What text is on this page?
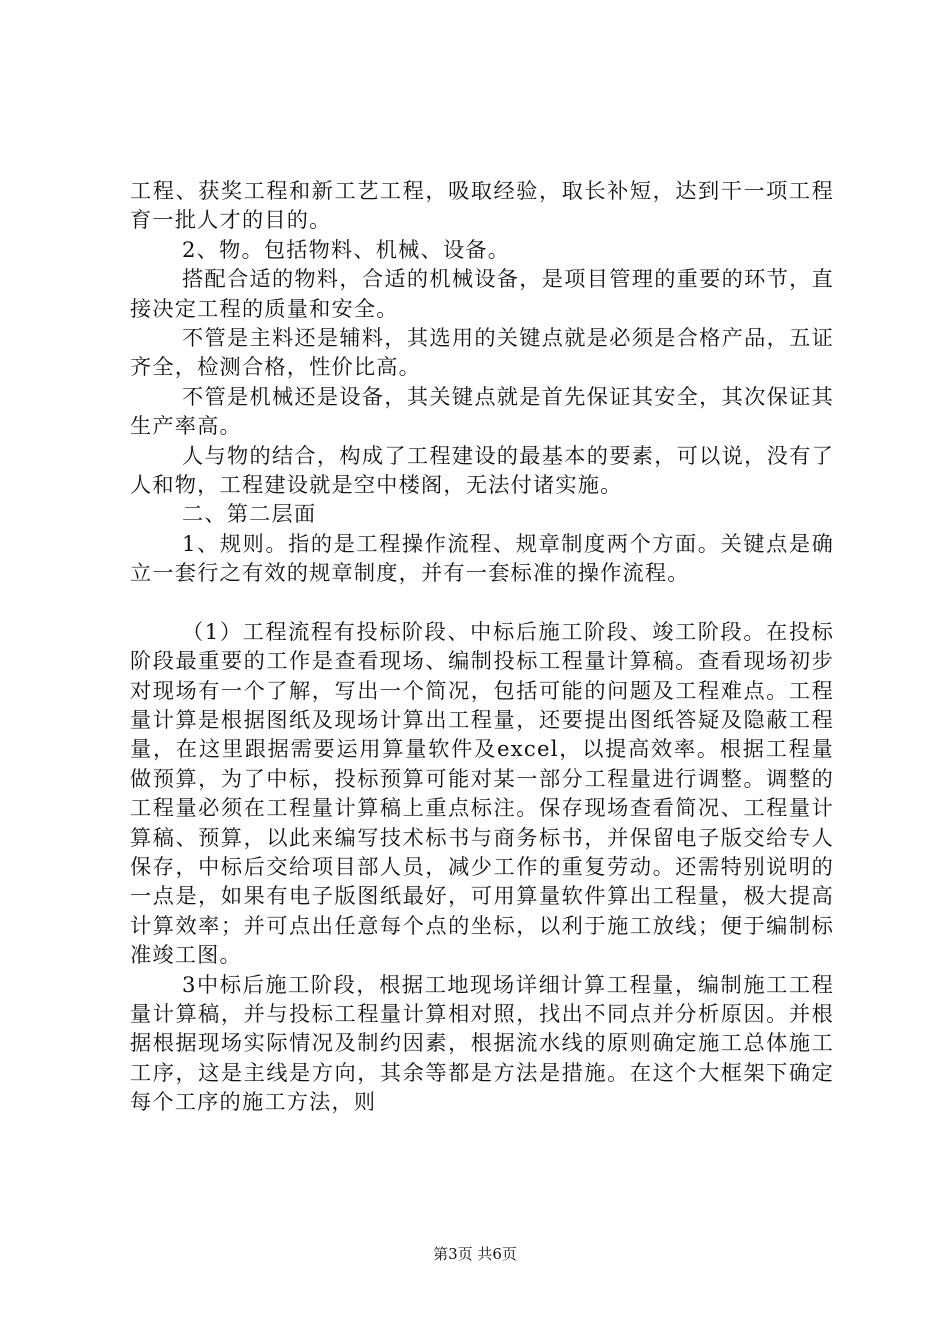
工程、获奖工程和新工艺工程，吸取经验，取长补短，达到干一项工程育一批人才的目的。

2、物。包括物料、机械、设备。

搭配合适的物料，合适的机械设备，是项目管理的重要的环节，直接决定工程的质量和安全。

不管是主料还是辅料，其选用的关键点就是必须是合格产品，五证齐全，检测合格，性价比高。

不管是机械还是设备，其关键点就是首先保证其安全，其次保证其生产率高。

人与物的结合，构成了工程建设的最基本的要素，可以说，没有了人和物，工程建设就是空中楼阁，无法付诸实施。

二、第二层面

1、规则。指的是工程操作流程、规章制度两个方面。关键点是确立一套行之有效的规章制度，并有一套标准的操作流程。

（1）工程流程有投标阶段、中标后施工阶段、竣工阶段。在投标阶段最重要的工作是查看现场、编制投标工程量计算稿。查看现场初步对现场有一个了解，写出一个简况，包括可能的问题及工程难点。工程量计算是根据图纸及现场计算出工程量，还要提出图纸答疑及隐蔽工程量，在这里跟据需要运用算量软件及excel，以提高效率。根据工程量做预算，为了中标，投标预算可能对某一部分工程量进行调整。调整的工程量必须在工程量计算稿上重点标注。保存现场查看简况、工程量计算稿、预算，以此来编写技术标书与商务标书，并保留电子版交给专人保存，中标后交给项目部人员，减少工作的重复劳动。还需特别说明的一点是，如果有电子版图纸最好，可用算量软件算出工程量，极大提高计算效率；并可点出任意每个点的坐标，以利于施工放线；便于编制标准竣工图。

3中标后施工阶段，根据工地现场详细计算工程量，编制施工工程量计算稿，并与投标工程量计算相对照，找出不同点并分析原因。并根据根据现场实际情况及制约因素，根据流水线的原则确定施工总体施工工序，这是主线是方向，其余等都是方法是措施。在这个大框架下确定每个工序的施工方法，则

第3页 共6页
